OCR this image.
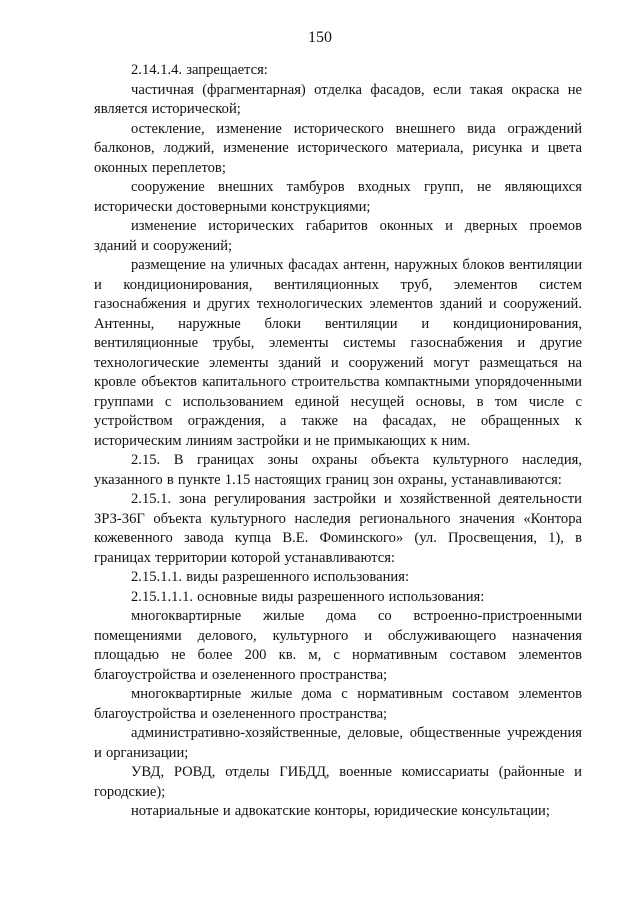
150

2.14.1.4. запрещается:

частичная (фрагментарная) отделка фасадов, если такая окраска не является исторической;

остекление, изменение исторического внешнего вида ограждений балконов, лоджий, изменение исторического материала, рисунка и цвета оконных переплетов;

сооружение внешних тамбуров входных групп, не являющихся исторически достоверными конструкциями;

изменение исторических габаритов оконных и дверных проемов зданий и сооружений;

размещение на уличных фасадах антенн, наружных блоков вентиляции и кондиционирования, вентиляционных труб, элементов систем газоснабжения и других технологических элементов зданий и сооружений. Антенны, наружные блоки вентиляции и кондиционирования, вентиляционные трубы, элементы системы газоснабжения и другие технологические элементы зданий и сооружений могут размещаться на кровле объектов капитального строительства компактными упорядоченными группами с использованием единой несущей основы, в том числе с устройством ограждения, а также на фасадах, не обращенных к историческим линиям застройки и не примыкающих к ним.

2.15. В границах зоны охраны объекта культурного наследия, указанного в пункте 1.15 настоящих границ зон охраны, устанавливаются:

2.15.1. зона регулирования застройки и хозяйственной деятельности ЗРЗ-36Г объекта культурного наследия регионального значения «Контора кожевенного завода купца В.Е. Фоминского» (ул. Просвещения, 1), в границах территории которой устанавливаются:

2.15.1.1. виды разрешенного использования:

2.15.1.1.1. основные виды разрешенного использования:

многоквартирные жилые дома со встроенно-пристроенными помещениями делового, культурного и обслуживающего назначения площадью не более 200 кв. м, с нормативным составом элементов благоустройства и озелененного пространства;

многоквартирные жилые дома с нормативным составом элементов благоустройства и озелененного пространства;

административно-хозяйственные, деловые, общественные учреждения и организации;

УВД, РОВД, отделы ГИБДД, военные комиссариаты (районные и городские);

нотариальные и адвокатские конторы, юридические консультации;
